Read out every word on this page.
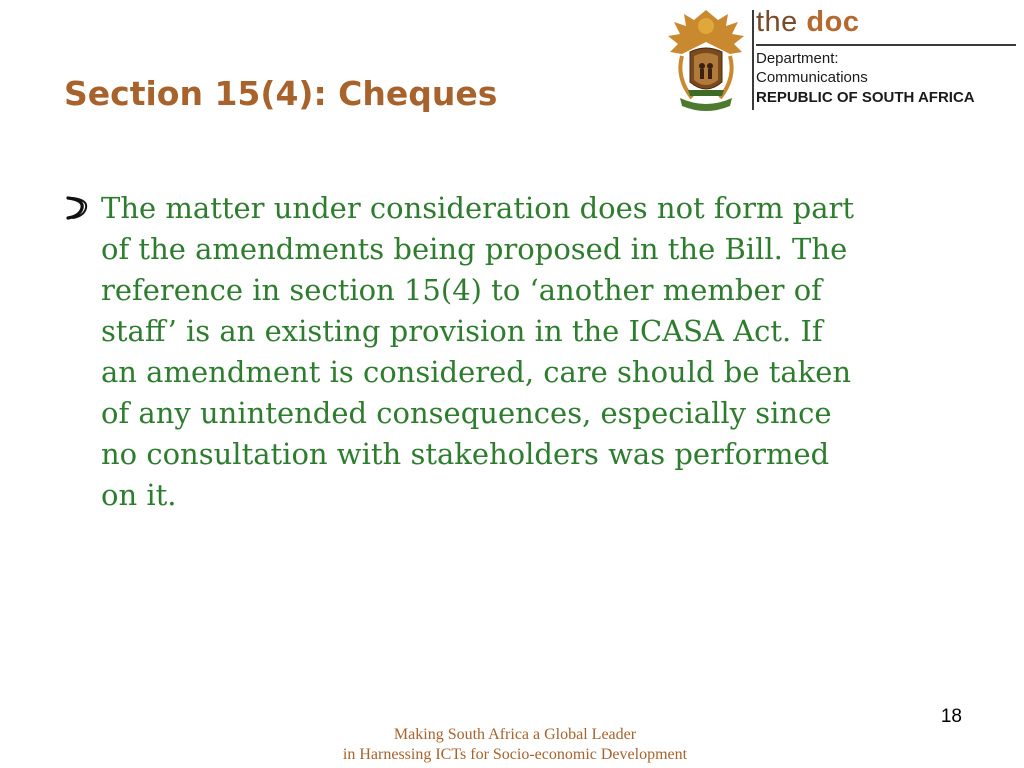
Section 15(4): Cheques
the doc
Department:
Communications
REPUBLIC OF SOUTH AFRICA
The matter under consideration does not form part
of the amendments being proposed in the Bill. The
reference in section 15(4) to ‘another member of
staff’ is an existing provision in the ICASA Act. If
an amendment is considered, care should be taken
of any unintended consequences, especially since
no consultation with stakeholders was performed
on it.
18
Making South Africa a Global Leader
in Harnessing ICTs for Socio-economic Development
